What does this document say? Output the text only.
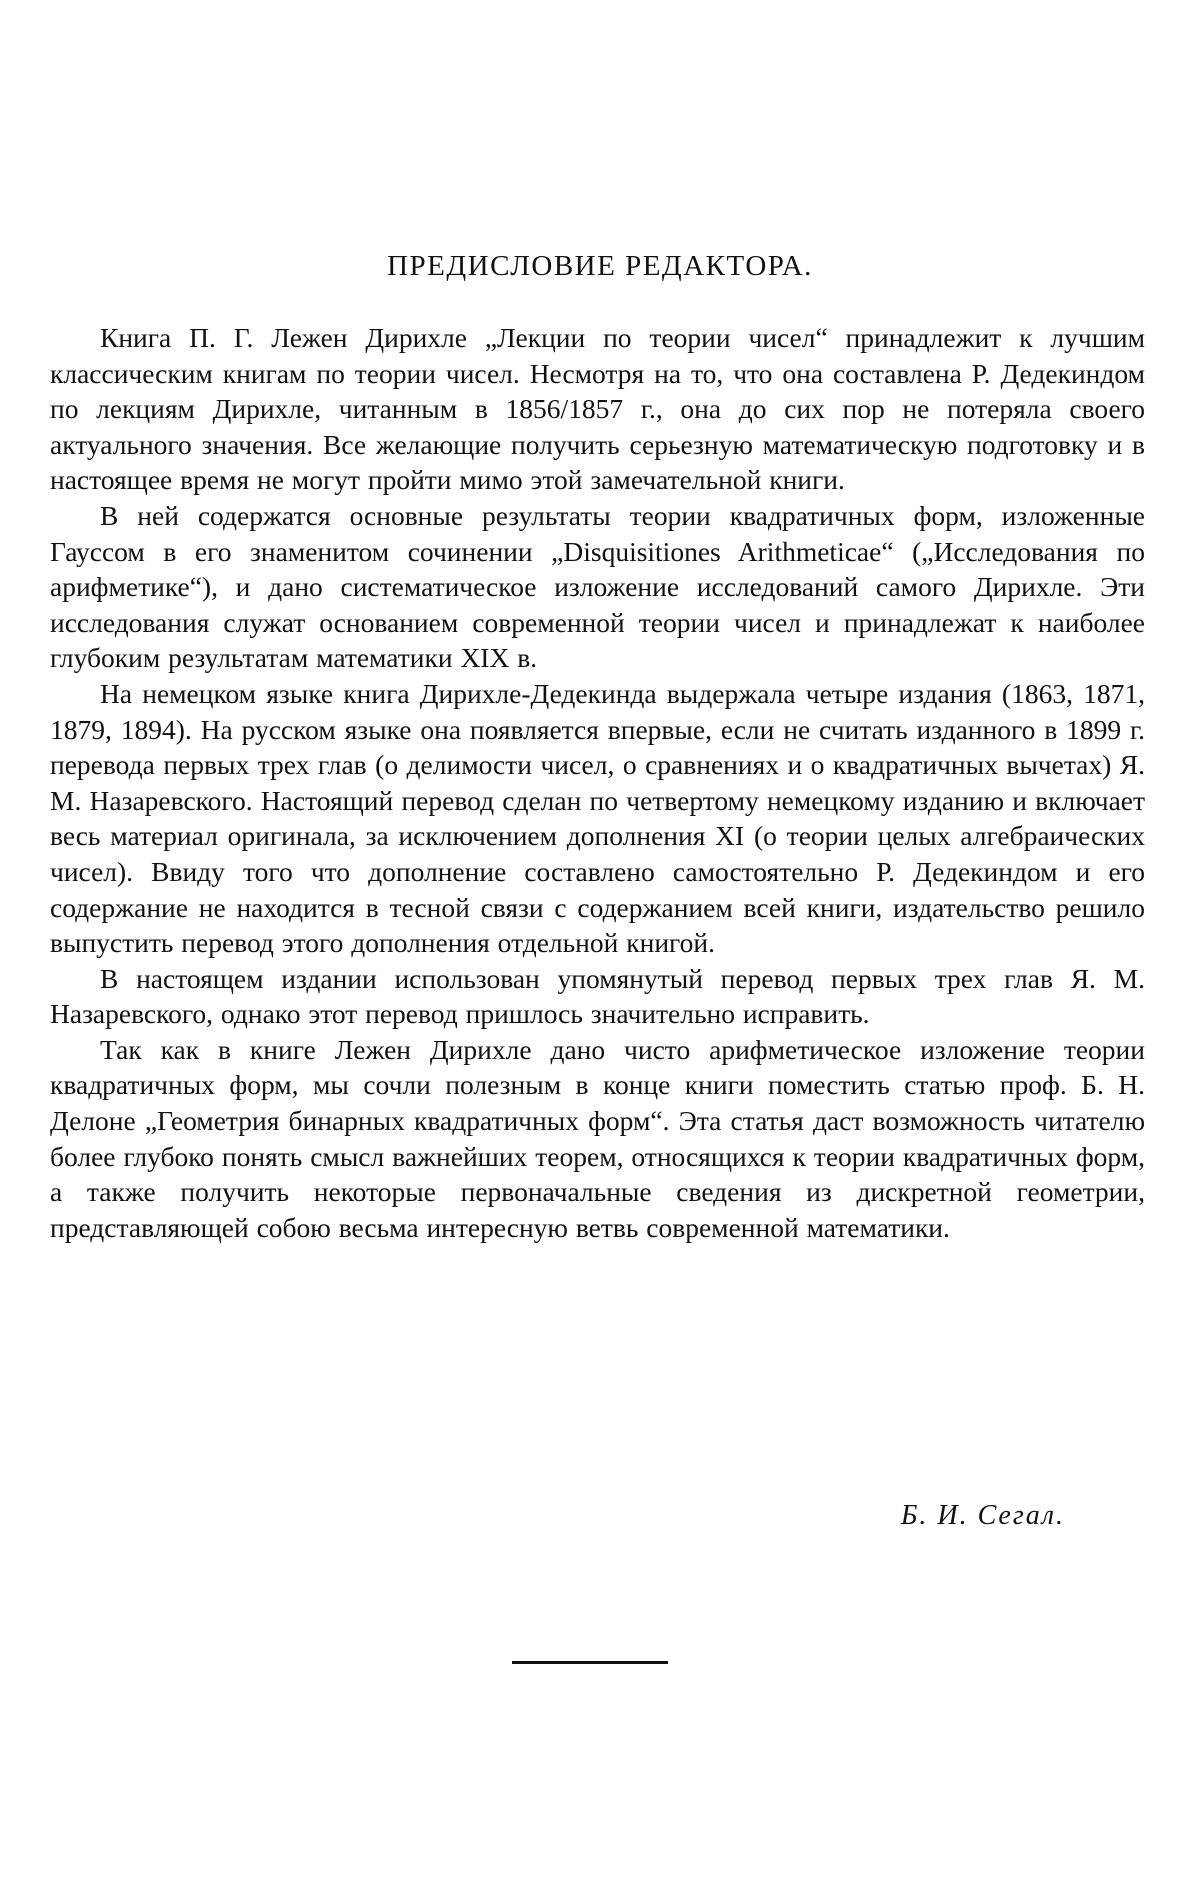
ПРЕДИСЛОВИЕ РЕДАКТОРА.

Книга П. Г. Лежен Дирихле „Лекции по теории чисел“ принадлежит к лучшим классическим книгам по теории чисел. Несмотря на то, что она составлена Р. Дедекиндом по лекциям Дирихле, читанным в 1856/1857 г., она до сих пор не потеряла своего актуального значения. Все желающие получить серьезную математическую подготовку и в настоящее время не могут пройти мимо этой замечательной книги.

В ней содержатся основные результаты теории квадратичных форм, изложенные Гауссом в его знаменитом сочинении „Disquisitiones Arithmeticae“ („Исследования по арифметике“), и дано систематическое изложение исследований самого Дирихле. Эти исследования служат основанием современной теории чисел и принадлежат к наиболее глубоким результатам математики XIX в.

На немецком языке книга Дирихле-Дедекинда выдержала четыре издания (1863, 1871, 1879, 1894). На русском языке она появляется впервые, если не считать изданного в 1899 г. перевода первых трех глав (о делимости чисел, о сравнениях и о квадратичных вычетах) Я. М. Назаревского. Настоящий перевод сделан по четвертому немецкому изданию и включает весь материал оригинала, за исключением дополнения XI (о теории целых алгебраических чисел). Ввиду того что дополнение составлено самостоятельно Р. Дедекиндом и его содержание не находится в тесной связи с содержанием всей книги, издательство решило выпустить перевод этого дополнения отдельной книгой.

В настоящем издании использован упомянутый перевод первых трех глав Я. М. Назаревского, однако этот перевод пришлось значительно исправить.

Так как в книге Лежен Дирихле дано чисто арифметическое изложение теории квадратичных форм, мы сочли полезным в конце книги поместить статью проф. Б. Н. Делоне „Геометрия бинарных квадратичных форм“. Эта статья даст возможность читателю более глубоко понять смысл важнейших теорем, относящихся к теории квадратичных форм, а также получить некоторые первоначальные сведения из дискретной геометрии, представляющей собою весьма интересную ветвь современной математики.

Б. И. Сегал.
